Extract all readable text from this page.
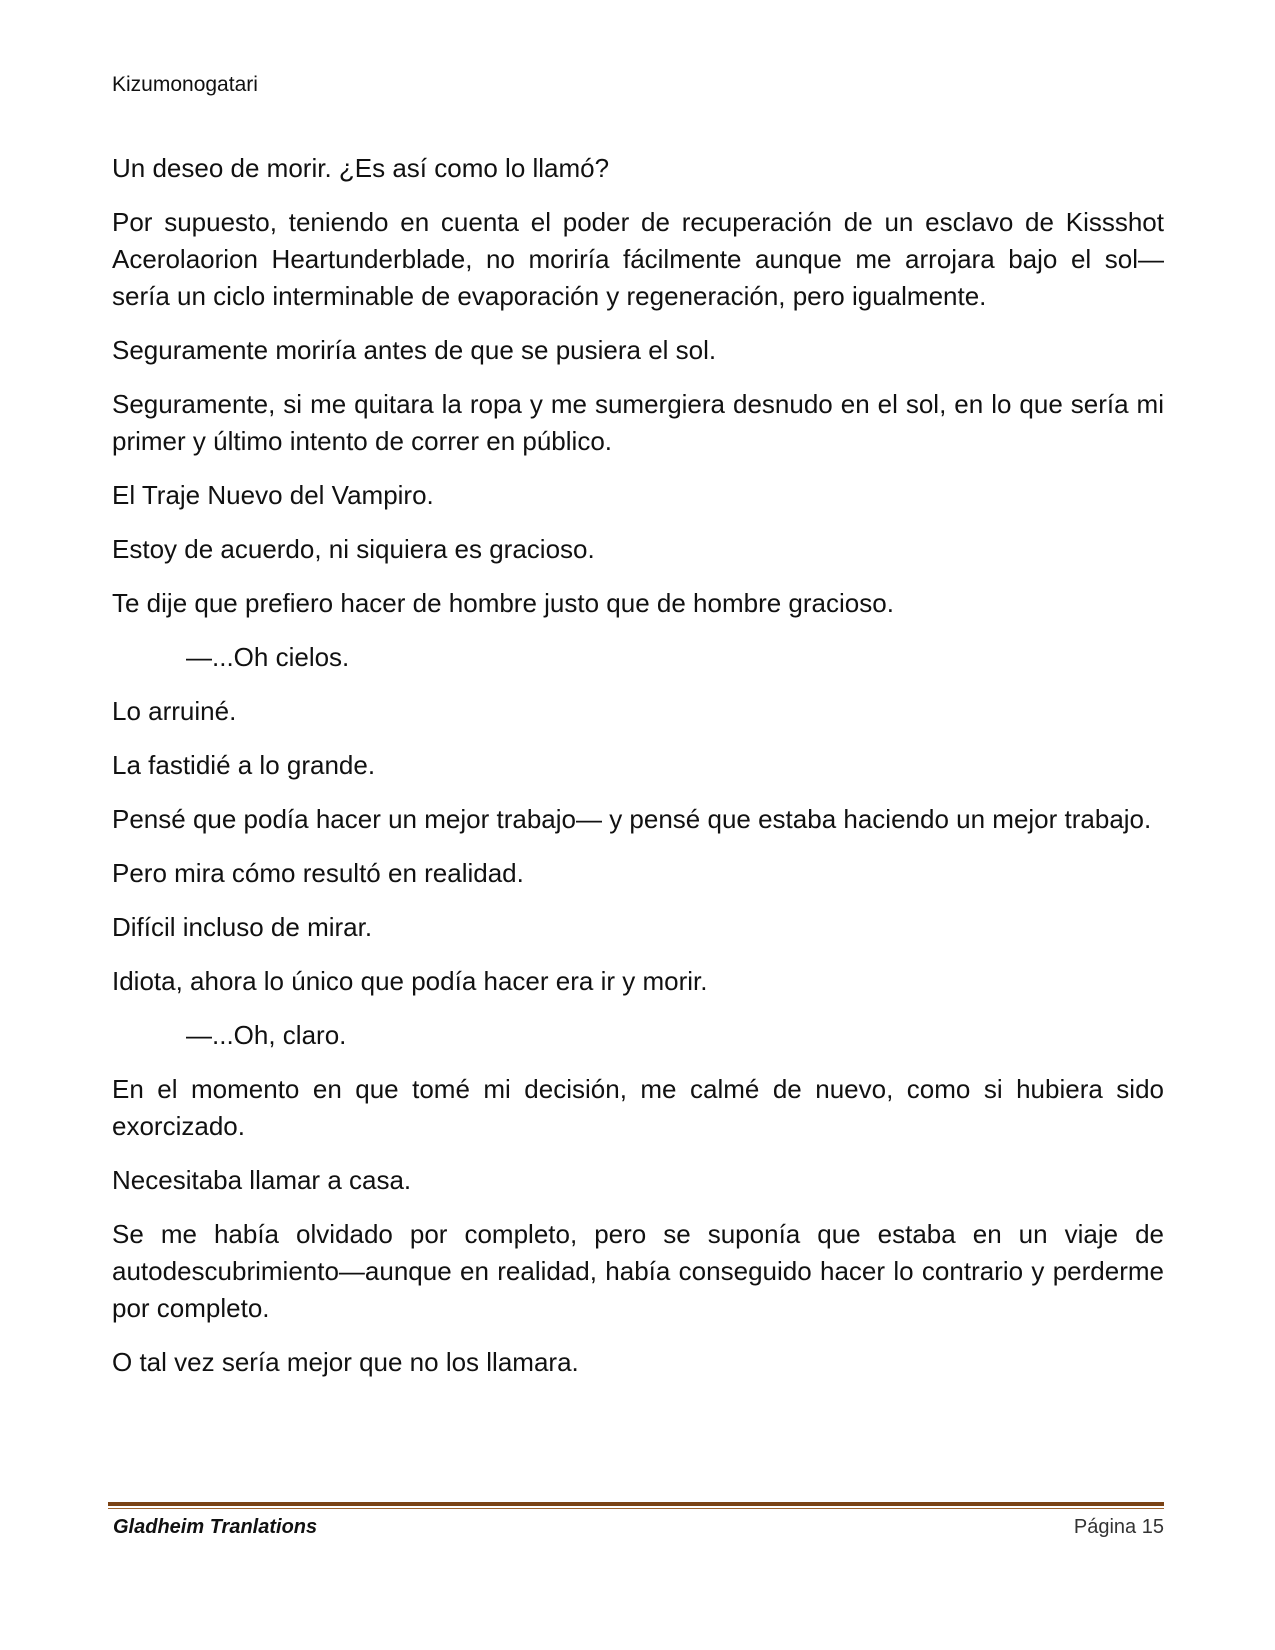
Kizumonogatari

Un deseo de morir. ¿Es así como lo llamó?

Por supuesto, teniendo en cuenta el poder de recuperación de un esclavo de Kissshot Acerolaorion Heartunderblade, no moriría fácilmente aunque me arrojara bajo el sol— sería un ciclo interminable de evaporación y regeneración, pero igualmente.

Seguramente moriría antes de que se pusiera el sol.

Seguramente, si me quitara la ropa y me sumergiera desnudo en el sol, en lo que sería mi primer y último intento de correr en público.

El Traje Nuevo del Vampiro.

Estoy de acuerdo, ni siquiera es gracioso.

Te dije que prefiero hacer de hombre justo que de hombre gracioso.

—...Oh cielos.

Lo arruiné.

La fastidié a lo grande.

Pensé que podía hacer un mejor trabajo— y pensé que estaba haciendo un mejor trabajo.

Pero mira cómo resultó en realidad.

Difícil incluso de mirar.

Idiota, ahora lo único que podía hacer era ir y morir.

—...Oh, claro.

En el momento en que tomé mi decisión, me calmé de nuevo, como si hubiera sido exorcizado.

Necesitaba llamar a casa.

Se me había olvidado por completo, pero se suponía que estaba en un viaje de autodescubrimiento—aunque en realidad, había conseguido hacer lo contrario y perderme por completo.

O tal vez sería mejor que no los llamara.

Gladheim Tranlations	Página 15
